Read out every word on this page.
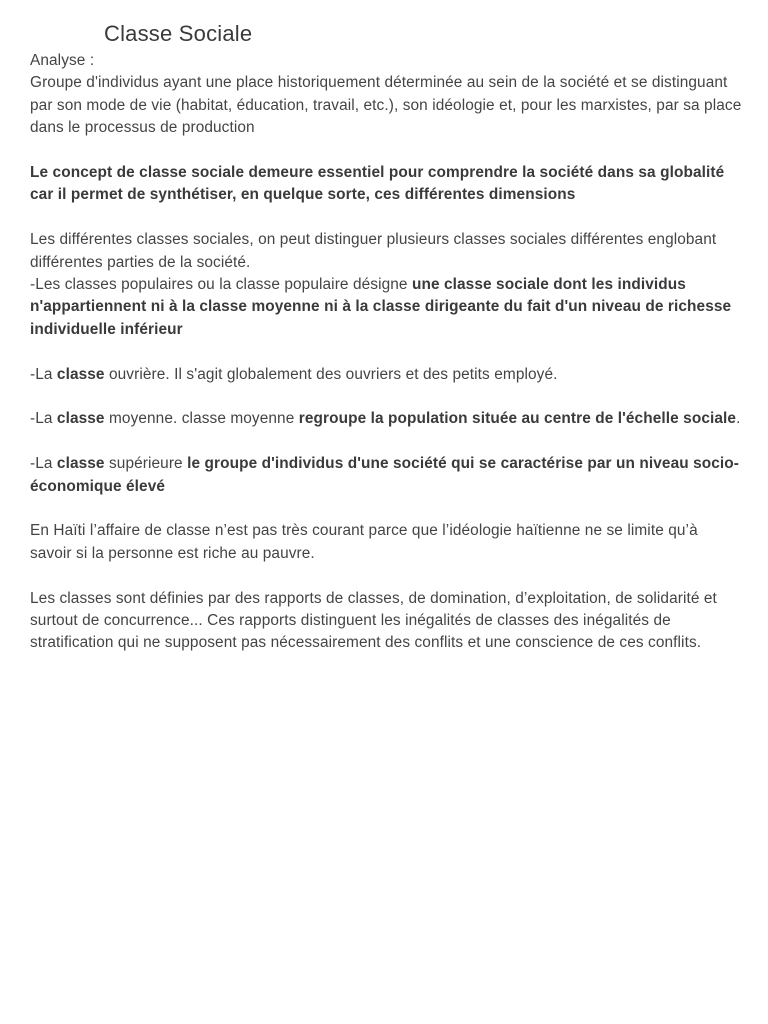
Classe Sociale

Analyse :

Groupe d'individus ayant une place historiquement déterminée au sein de la société et se distinguant par son mode de vie (habitat, éducation, travail, etc.), son idéologie et, pour les marxistes, par sa place dans le processus de production

Le concept de classe sociale demeure essentiel pour comprendre la société dans sa globalité car il permet de synthétiser, en quelque sorte, ces différentes dimensions

Les différentes classes sociales, on peut distinguer plusieurs classes sociales différentes englobant différentes parties de la société.

-Les classes populaires ou la classe populaire désigne une classe sociale dont les individus n'appartiennent ni à la classe moyenne ni à la classe dirigeante du fait d'un niveau de richesse individuelle inférieur

-La classe ouvrière. Il s'agit globalement des ouvriers et des petits employé.

-La classe moyenne. classe moyenne regroupe la population située au centre de l'échelle sociale.

-La classe supérieure le groupe d'individus d'une société qui se caractérise par un niveau socio-économique élevé

En Haïti l’affaire de classe n’est pas très courant parce que l’idéologie haïtienne ne se limite qu’à savoir si la personne est riche au pauvre.

Les classes sont définies par des rapports de classes, de domination, d’exploitation, de solidarité et surtout de concurrence... Ces rapports distinguent les inégalités de classes des inégalités de stratification qui ne supposent pas nécessairement des conflits et une conscience de ces conflits.
